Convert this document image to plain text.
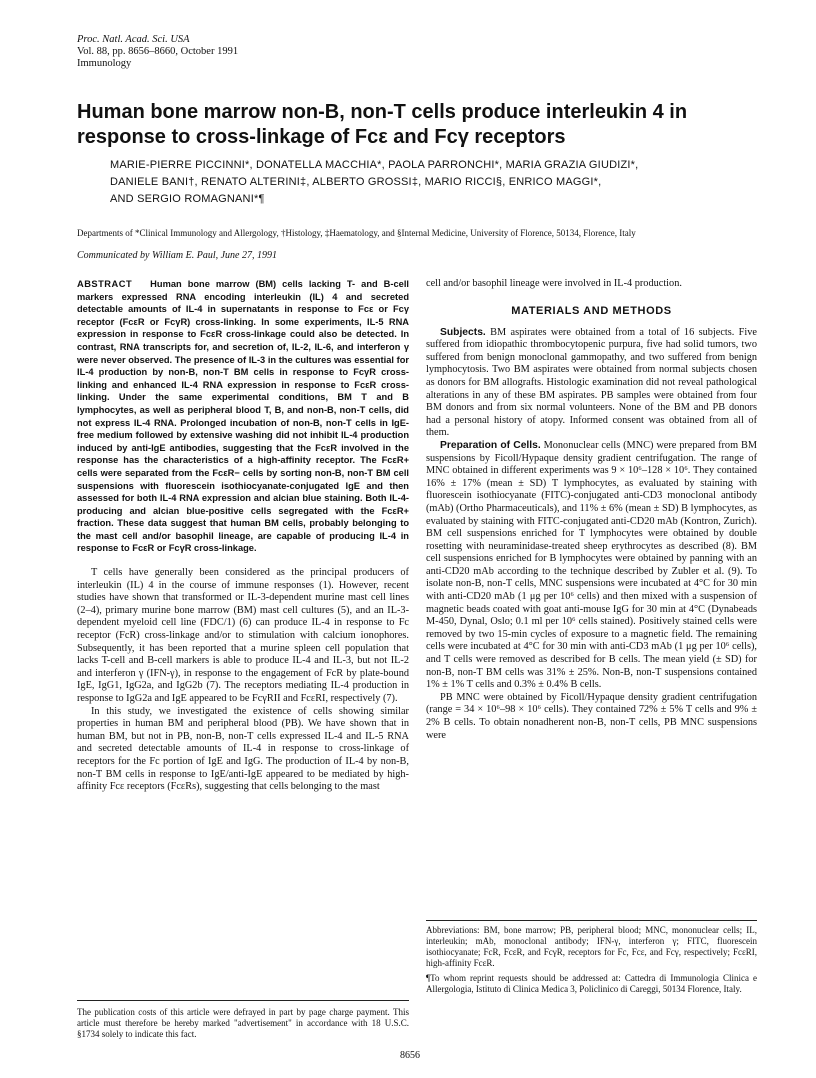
Proc. Natl. Acad. Sci. USA
Vol. 88, pp. 8656–8660, October 1991
Immunology
Human bone marrow non-B, non-T cells produce interleukin 4 in
response to cross-linkage of Fcε and Fcγ receptors
MARIE-PIERRE PICCINNI*, DONATELLA MACCHIA*, PAOLA PARRONCHI*, MARIA GRAZIA GIUDIZI*,
DANIELE BANI†, RENATO ALTERINI‡, ALBERTO GROSSI‡, MARIO RICCI§, ENRICO MAGGI*,
AND SERGIO ROMAGNANI*¶
Departments of *Clinical Immunology and Allergology, †Histology, ‡Haematology, and §Internal Medicine, University of Florence, 50134, Florence, Italy
Communicated by William E. Paul, June 27, 1991

ABSTRACT Human bone marrow (BM) cells lacking T- and B-cell markers expressed RNA encoding interleukin (IL) 4 and secreted detectable amounts of IL-4 in supernatants in response to Fcε or Fcγ receptor (FcεR or FcγR) cross-linking. In some experiments, IL-5 RNA expression in response to FcεR cross-linkage could also be detected. In contrast, RNA transcripts for, and secretion of, IL-2, IL-6, and interferon γ were never observed. The presence of IL-3 in the cultures was essential for IL-4 production by non-B, non-T BM cells in response to FcγR cross-linking and enhanced IL-4 RNA expression in response to FcεR cross-linking. Under the same experimental conditions, BM T and B lymphocytes, as well as peripheral blood T, B, and non-B, non-T cells, did not express IL-4 RNA. Prolonged incubation of non-B, non-T cells in IgE-free medium followed by extensive washing did not inhibit IL-4 production induced by anti-IgE antibodies, suggesting that the FcεR involved in the response has the characteristics of a high-affinity receptor. The FcεR+ cells were separated from the FcεR− cells by sorting non-B, non-T BM cell suspensions with fluorescein isothiocyanate-conjugated IgE and then assessed for both IL-4 RNA expression and alcian blue staining. Both IL-4-producing and alcian blue-positive cells segregated with the FcεR+ fraction. These data suggest that human BM cells, probably belonging to the mast cell and/or basophil lineage, are capable of producing IL-4 in response to FcεR or FcγR cross-linkage.

T cells have generally been considered as the principal producers of interleukin (IL) 4 in the course of immune responses (1). However, recent studies have shown that transformed or IL-3-dependent murine mast cell lines (2–4), primary murine bone marrow (BM) mast cell cultures (5), and an IL-3-dependent myeloid cell line (FDC/1) (6) can produce IL-4 in response to Fc receptor (FcR) cross-linkage and/or to stimulation with calcium ionophores. Subsequently, it has been reported that a murine spleen cell population that lacks T-cell and B-cell markers is able to produce IL-4 and IL-3, but not IL-2 and interferon γ (IFN-γ), in response to the engagement of FcR by plate-bound IgE, IgG1, IgG2a, and IgG2b (7). The receptors mediating IL-4 production in response to IgG2a and IgE appeared to be FcγRII and FcεRI, respectively (7).

In this study, we investigated the existence of cells showing similar properties in human BM and peripheral blood (PB). We have shown that in human BM, but not in PB, non-B, non-T cells expressed IL-4 and IL-5 RNA and secreted detectable amounts of IL-4 in response to cross-linkage of receptors for the Fc portion of IgE and IgG. The production of IL-4 by non-B, non-T BM cells in response to IgE/anti-IgE appeared to be mediated by high-affinity Fcε receptors (FcεRs), suggesting that cells belonging to the mast

The publication costs of this article were defrayed in part by page charge payment. This article must therefore be hereby marked "advertisement" in accordance with 18 U.S.C. §1734 solely to indicate this fact.

cell and/or basophil lineage were involved in IL-4 production.

MATERIALS AND METHODS

Subjects. BM aspirates were obtained from a total of 16 subjects. Five suffered from idiopathic thrombocytopenic purpura, five had solid tumors, two suffered from benign monoclonal gammopathy, and two suffered from benign lymphocytosis. Two BM aspirates were obtained from normal subjects chosen as donors for BM allografts. Histologic examination did not reveal pathological alterations in any of these BM aspirates. PB samples were obtained from four BM donors and from six normal volunteers. None of the BM and PB donors had a personal history of atopy. Informed consent was obtained from all of them.

Preparation of Cells. Mononuclear cells (MNC) were prepared from BM suspensions by Ficoll/Hypaque density gradient centrifugation. The range of MNC obtained in different experiments was 9 × 10⁶–128 × 10⁶. They contained 16% ± 17% (mean ± SD) T lymphocytes, as evaluated by staining with fluorescein isothiocyanate (FITC)-conjugated anti-CD3 monoclonal antibody (mAb) (Ortho Pharmaceuticals), and 11% ± 6% (mean ± SD) B lymphocytes, as evaluated by staining with FITC-conjugated anti-CD20 mAb (Kontron, Zurich). BM cell suspensions enriched for T lymphocytes were obtained by double rosetting with neuraminidase-treated sheep erythrocytes as described (8). BM cell suspensions enriched for B lymphocytes were obtained by panning with an anti-CD20 mAb according to the technique described by Zubler et al. (9). To isolate non-B, non-T cells, MNC suspensions were incubated at 4°C for 30 min with anti-CD20 mAb (1 μg per 10⁶ cells) and then mixed with a suspension of magnetic beads coated with goat anti-mouse IgG for 30 min at 4°C (Dynabeads M-450, Dynal, Oslo; 0.1 ml per 10⁶ cells stained). Positively stained cells were removed by two 15-min cycles of exposure to a magnetic field. The remaining cells were incubated at 4°C for 30 min with anti-CD3 mAb (1 μg per 10⁶ cells), and T cells were removed as described for B cells. The mean yield (± SD) for non-B, non-T BM cells was 31% ± 25%. Non-B, non-T suspensions contained 1% ± 1% T cells and 0.3% ± 0.4% B cells.

PB MNC were obtained by Ficoll/Hypaque density gradient centrifugation (range = 34 × 10⁶–98 × 10⁶ cells). They contained 72% ± 5% T cells and 9% ± 2% B cells. To obtain nonadherent non-B, non-T cells, PB MNC suspensions were

Abbreviations: BM, bone marrow; PB, peripheral blood; MNC, mononuclear cells; IL, interleukin; mAb, monoclonal antibody; IFN-γ, interferon γ; FITC, fluorescein isothiocyanate; FcR, FcεR, and FcγR, receptors for Fc, Fcε, and Fcγ, respectively; FcεRI, high-affinity FcεR.

¶To whom reprint requests should be addressed at: Cattedra di Immunologia Clinica e Allergologia, Istituto di Clinica Medica 3, Policlinico di Careggi, 50134 Florence, Italy.

8656
